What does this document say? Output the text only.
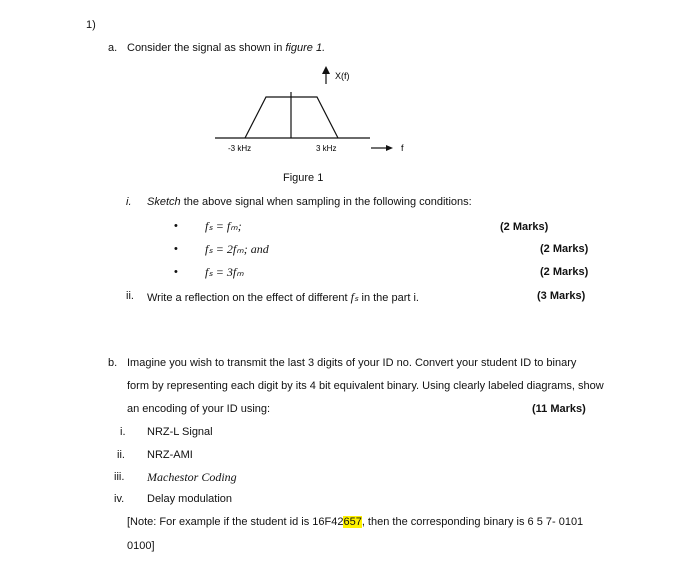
1)
a. Consider the signal as shown in figure 1.
X(f)
-3 kHz	3 kHz	f
Figure 1
i. Sketch the above signal when sampling in the following conditions:
• fₛ = fₘ;	(2 Marks)
• fₛ = 2fₘ; and	(2 Marks)
• fₛ = 3fₘ	(2 Marks)
ii. Write a reflection on the effect of different fₛ in the part i.	(3 Marks)
b. Imagine you wish to transmit the last 3 digits of your ID no. Convert your student ID to binary
form by representing each digit by its 4 bit equivalent binary. Using clearly labeled diagrams, show
an encoding of your ID using:	(11 Marks)
i. NRZ-L Signal
ii. NRZ-AMI
iii. Machestor Coding
iv. Delay modulation
[Note: For example if the student id is 16F42657, then the corresponding binary is 6 5 7- 0101
0100]
